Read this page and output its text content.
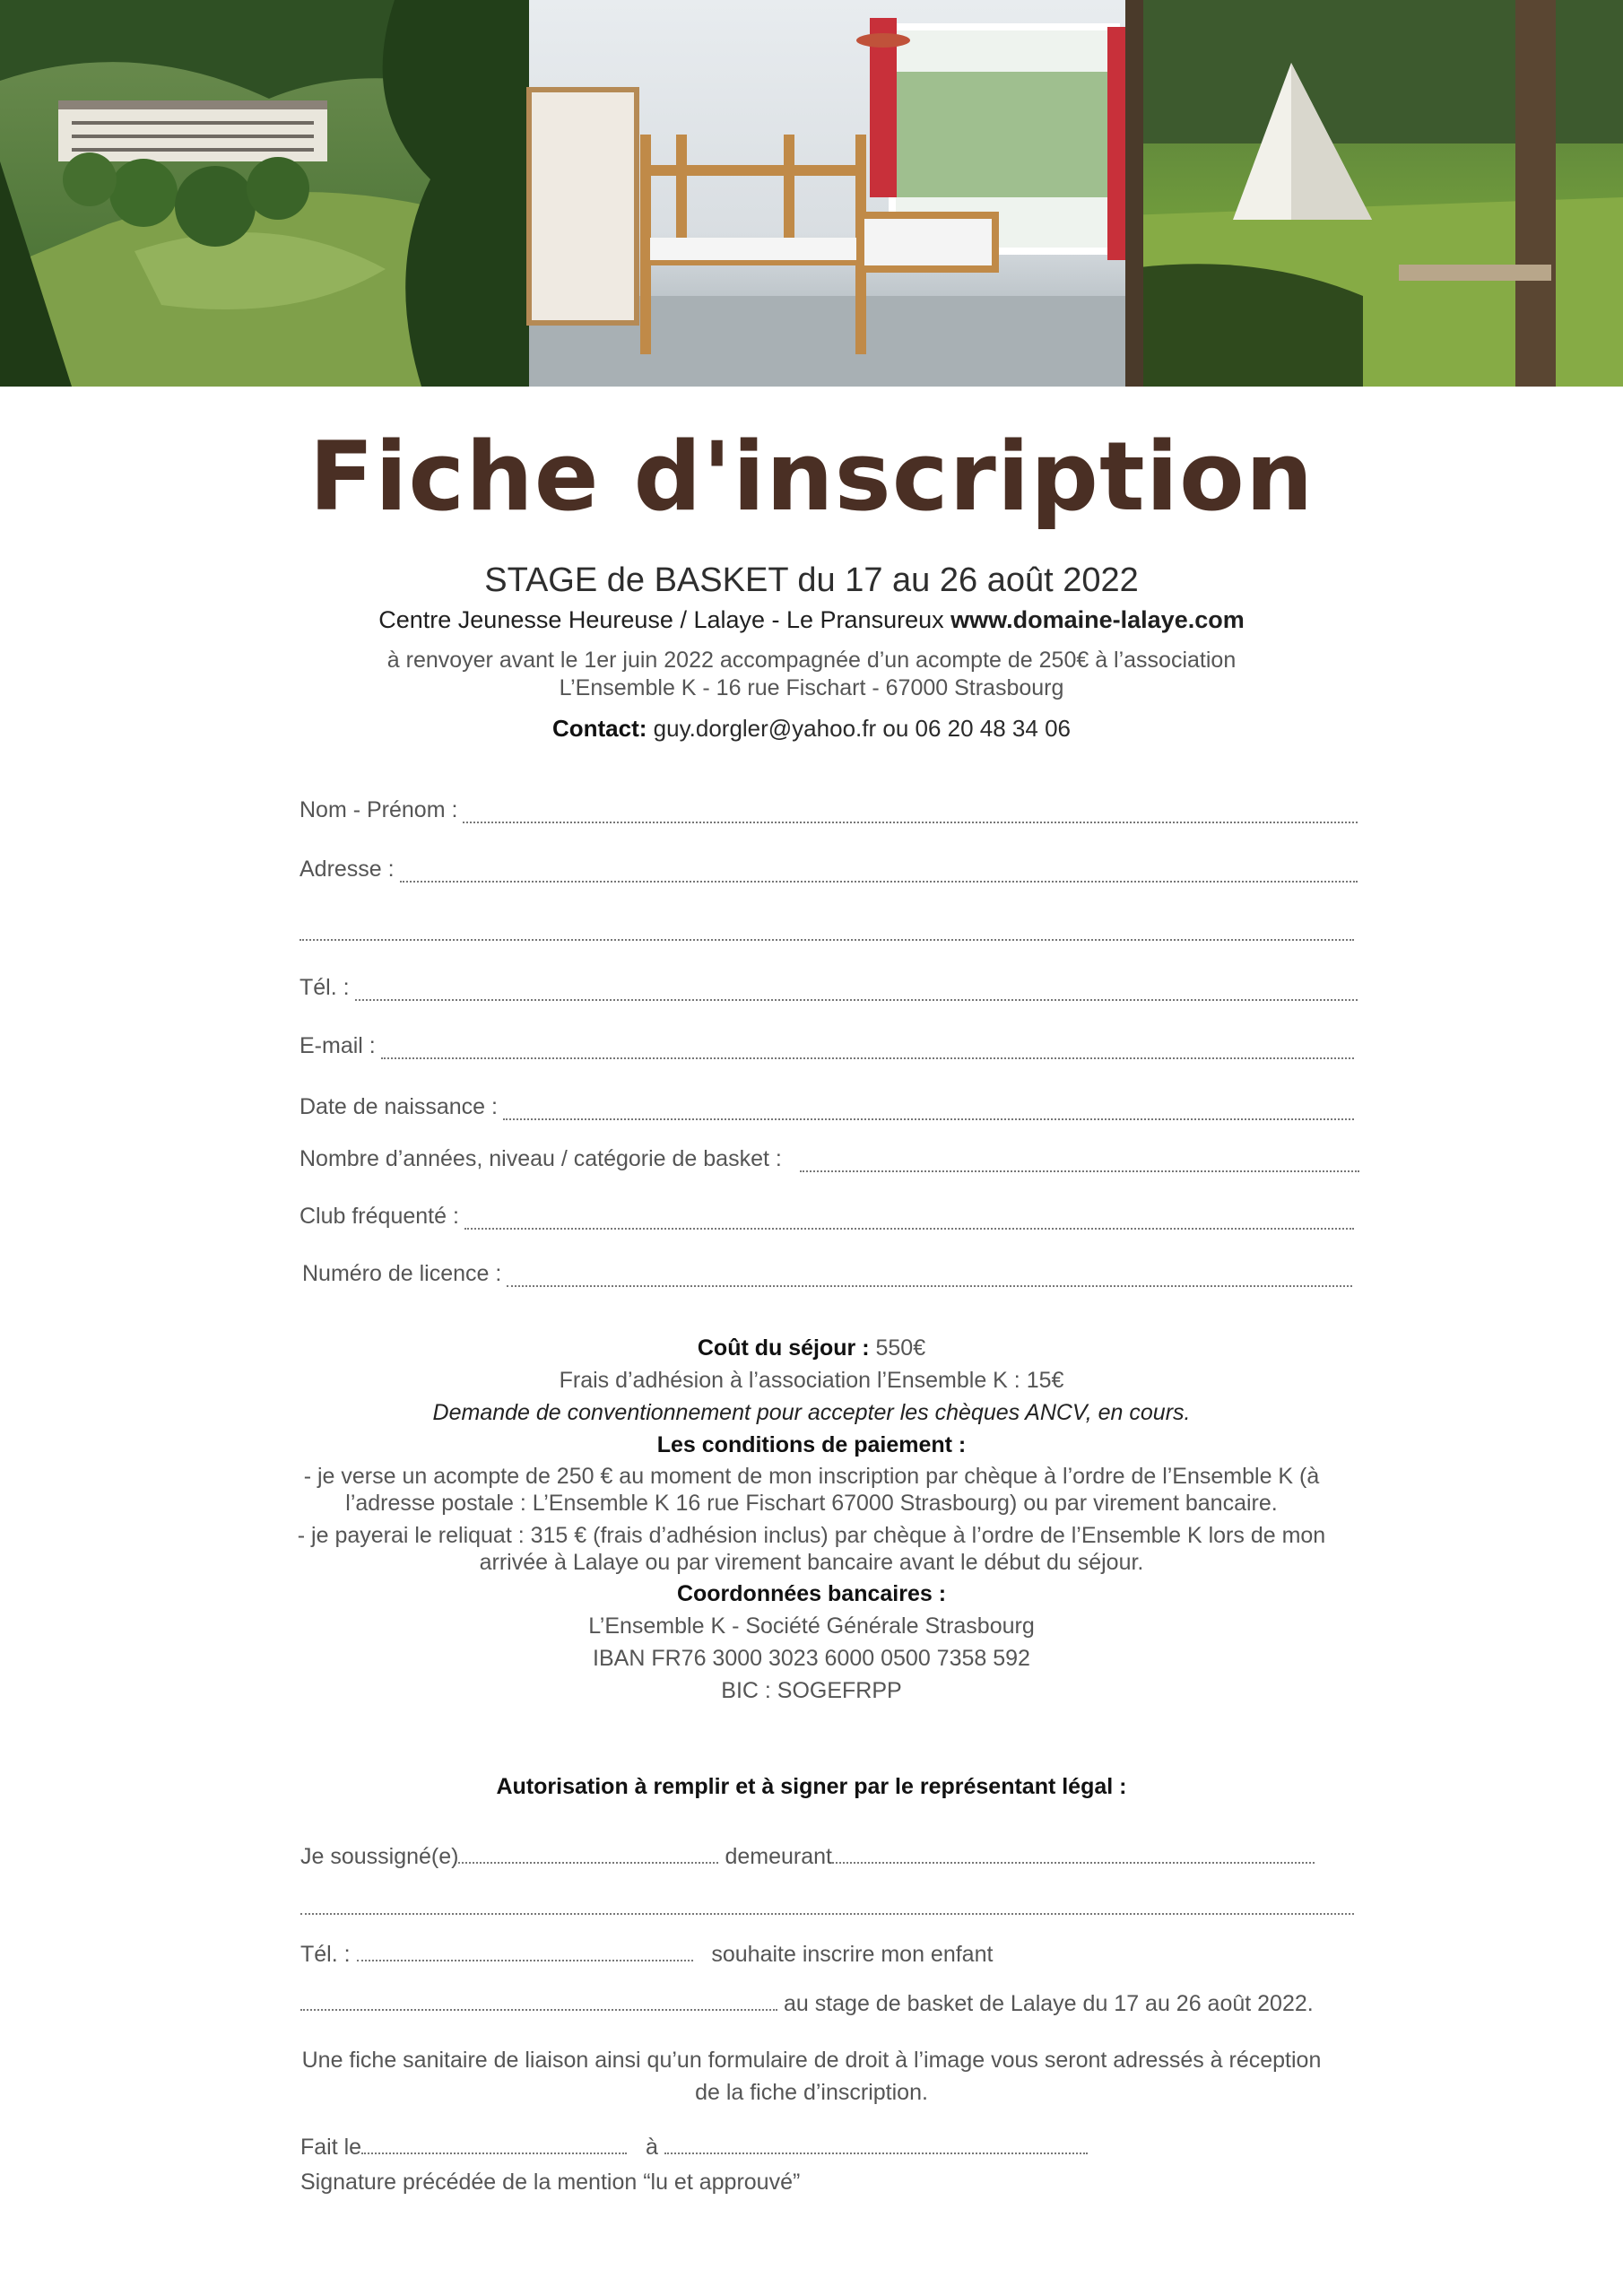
Fiche d'inscription
STAGE de BASKET du 17 au 26 août 2022
Centre Jeunesse Heureuse / Lalaye - Le Pransureux www.domaine-lalaye.com
à renvoyer avant le 1er juin 2022 accompagnée d’un acompte de 250€ à l’association
L’Ensemble K - 16 rue Fischart - 67000 Strasbourg
Contact: guy.dorgler@yahoo.fr ou 06 20 48 34 06
Nom - Prénom :
Adresse :
Tél. :
E-mail :
Date de naissance :
Nombre d’années, niveau / catégorie de basket :
Club fréquenté :
Numéro de licence :
Coût du séjour : 550€
Frais d’adhésion à l’association l’Ensemble K : 15€
Demande de conventionnement pour accepter les chèques ANCV, en cours.
Les conditions de paiement :
- je verse un acompte de 250 € au moment de mon inscription par chèque à l’ordre de l’Ensemble K (à l’adresse postale : L’Ensemble K 16 rue Fischart 67000 Strasbourg) ou par virement bancaire.
- je payerai le reliquat : 315 € (frais d’adhésion inclus) par chèque à l’ordre de l’Ensemble K lors de mon arrivée à Lalaye ou par virement bancaire avant le début du séjour.
Coordonnées bancaires :
L’Ensemble K - Société Générale Strasbourg
IBAN FR76 3000 3023 6000 0500 7358 592
BIC : SOGEFRPP
Autorisation à remplir et à signer par le représentant légal :
Je soussigné(e)	demeurant
Tél. :	souhaite inscrire mon enfant
au stage de basket de Lalaye du 17 au 26 août 2022.
Une fiche sanitaire de liaison ainsi qu’un formulaire de droit à l’image vous seront adressés à réception de la fiche d’inscription.
Fait le	à
Signature précédée de la mention “lu et approuvé”
